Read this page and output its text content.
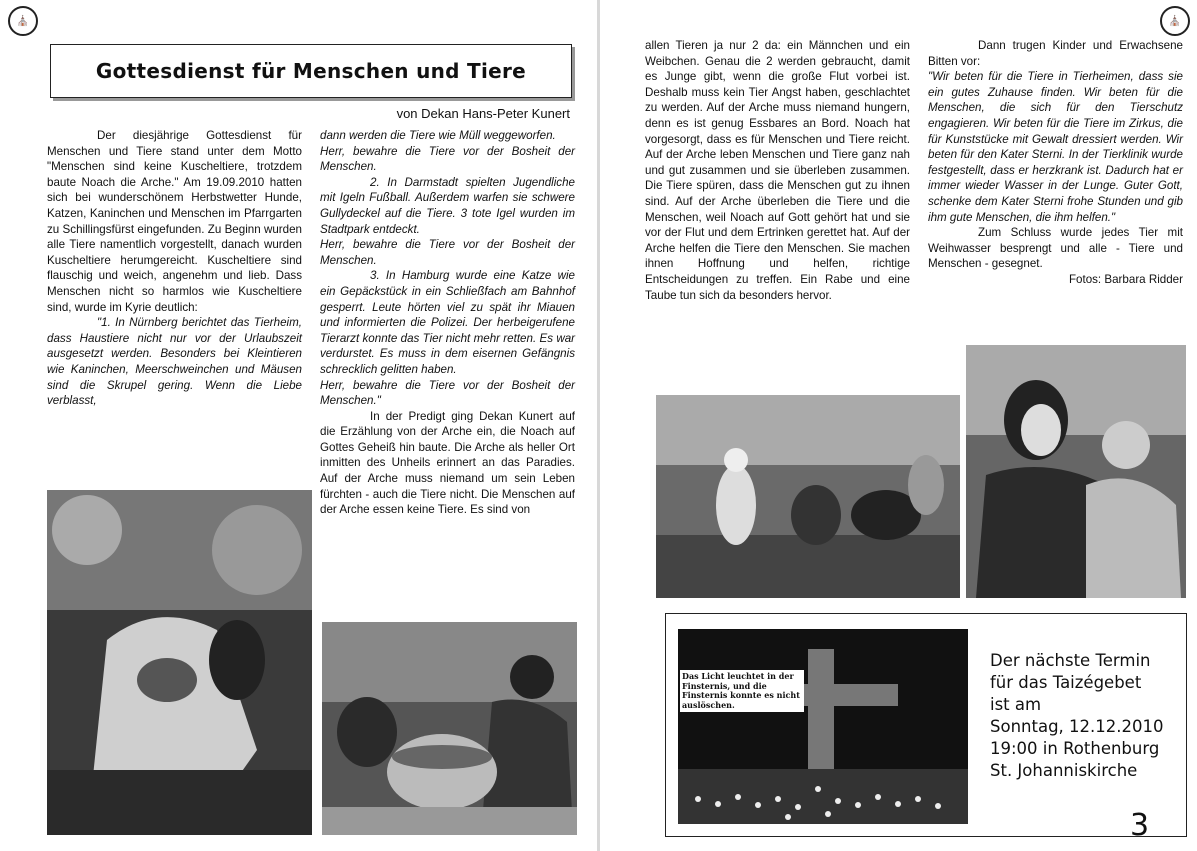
⛪	⛪
Gottesdienst für Menschen und Tiere
von Dekan Hans-Peter Kunert

Der diesjährige Gottesdienst für Menschen und Tiere stand unter dem Motto "Menschen sind keine Kuscheltiere, trotzdem baute Noach die Arche." Am 19.09.2010 hatten sich bei wunderschönem Herbstwetter Hunde, Katzen, Kaninchen und Menschen im Pfarrgarten zu Schillingsfürst eingefunden. Zu Beginn wurden alle Tiere namentlich vorgestellt, danach wurden Kuscheltiere herumgereicht. Kuscheltiere sind flauschig und weich, angenehm und lieb. Dass Menschen nicht so harmlos wie Kuscheltiere sind, wurde im Kyrie deutlich:

"1. In Nürnberg berichtet das Tierheim, dass Haustiere nicht nur vor der Urlaubszeit ausgesetzt werden. Besonders bei Kleintieren wie Kaninchen, Meerschweinchen und Mäusen sind die Skrupel gering. Wenn die Liebe verblasst,

dann werden die Tiere wie Müll weggeworfen.

Herr, bewahre die Tiere vor der Bosheit der Menschen.

2. In Darmstadt spielten Jugendliche mit Igeln Fußball. Außerdem warfen sie schwere Gullydeckel auf die Tiere. 3 tote Igel wurden im Stadtpark entdeckt.

Herr, bewahre die Tiere vor der Bosheit der Menschen.

3. In Hamburg wurde eine Katze wie ein Gepäckstück in ein Schließfach am Bahnhof gesperrt. Leute hörten viel zu spät ihr Miauen und informierten die Polizei. Der herbeigerufene Tierarzt konnte das Tier nicht mehr retten. Es war verdurstet. Es muss in dem eisernen Gefängnis schrecklich gelitten haben.

Herr, bewahre die Tiere vor der Bosheit der Menschen."

In der Predigt ging Dekan Kunert auf die Erzählung von der Arche ein, die Noach auf Gottes Geheiß hin baute. Die Arche als heller Ort inmitten des Unheils erinnert an das Paradies. Auf der Arche muss niemand um sein Leben fürchten - auch die Tiere nicht. Die Menschen auf der Arche essen keine Tiere. Es sind von

allen Tieren ja nur 2 da: ein Männchen und ein Weibchen. Genau die 2 werden gebraucht, damit es Junge gibt, wenn die große Flut vorbei ist. Deshalb muss kein Tier Angst haben, geschlachtet zu werden. Auf der Arche muss niemand hungern, denn es ist genug Essbares an Bord. Noach hat vorgesorgt, dass es für Menschen und Tiere reicht. Auf der Arche leben Menschen und Tiere ganz nah und gut zusammen und sie überleben zusammen. Die Tiere spüren, dass die Menschen gut zu ihnen sind. Auf der Arche überleben die Tiere und die Menschen, weil Noach auf Gott gehört hat und sie vor der Flut und dem Ertrinken gerettet hat. Auf der Arche helfen die Tiere den Menschen. Sie machen ihnen Hoffnung und helfen, richtige Entscheidungen zu treffen. Ein Rabe und eine Taube tun sich da besonders hervor.

Dann trugen Kinder und Erwachsene Bitten vor:

"Wir beten für die Tiere in Tierheimen, dass sie ein gutes Zuhause finden. Wir beten für die Menschen, die sich für den Tierschutz engagieren. Wir beten für die Tiere im Zirkus, die für Kunststücke mit Gewalt dressiert werden. Wir beten für den Kater Sterni. In der Tierklinik wurde festgestellt, dass er herzkrank ist. Dadurch hat er immer wieder Wasser in der Lunge. Guter Gott, schenke dem Kater Sterni frohe Stunden und gib ihm gute Menschen, die ihm helfen."

Zum Schluss wurde jedes Tier mit Weihwasser besprengt und alle - Tiere und Menschen - gesegnet.

Fotos: Barbara Ridder

Das Licht leuchtet in der Finsternis, und die Finsternis konnte es nicht auslöschen.
Der nächste Termin
für das Taizégebet
ist am
Sonntag, 12.12.2010
19:00 in Rothenburg
St. Johanniskirche
3
